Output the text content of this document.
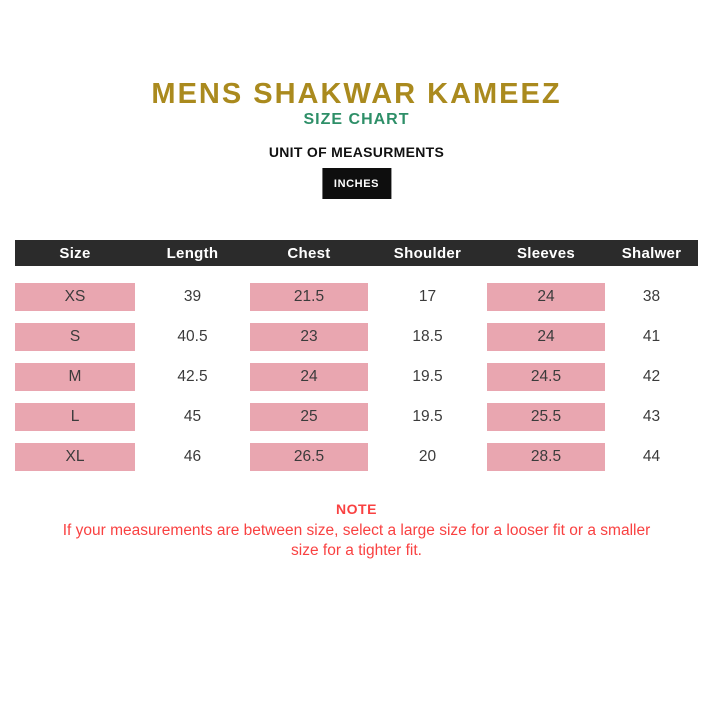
MENS SHAKWAR KAMEEZ
SIZE CHART
UNIT OF MEASURMENTS
INCHES
Size	Length	Chest	Shoulder	Sleeves	Shalwer
XS	39	21.5	17	24	38
S	40.5	23	18.5	24	41
M	42.5	24	19.5	24.5	42
L	45	25	19.5	25.5	43
XL	46	26.5	20	28.5	44
NOTE
If your measurements are between size, select a large size for a looser fit or a smaller size for a tighter fit.
